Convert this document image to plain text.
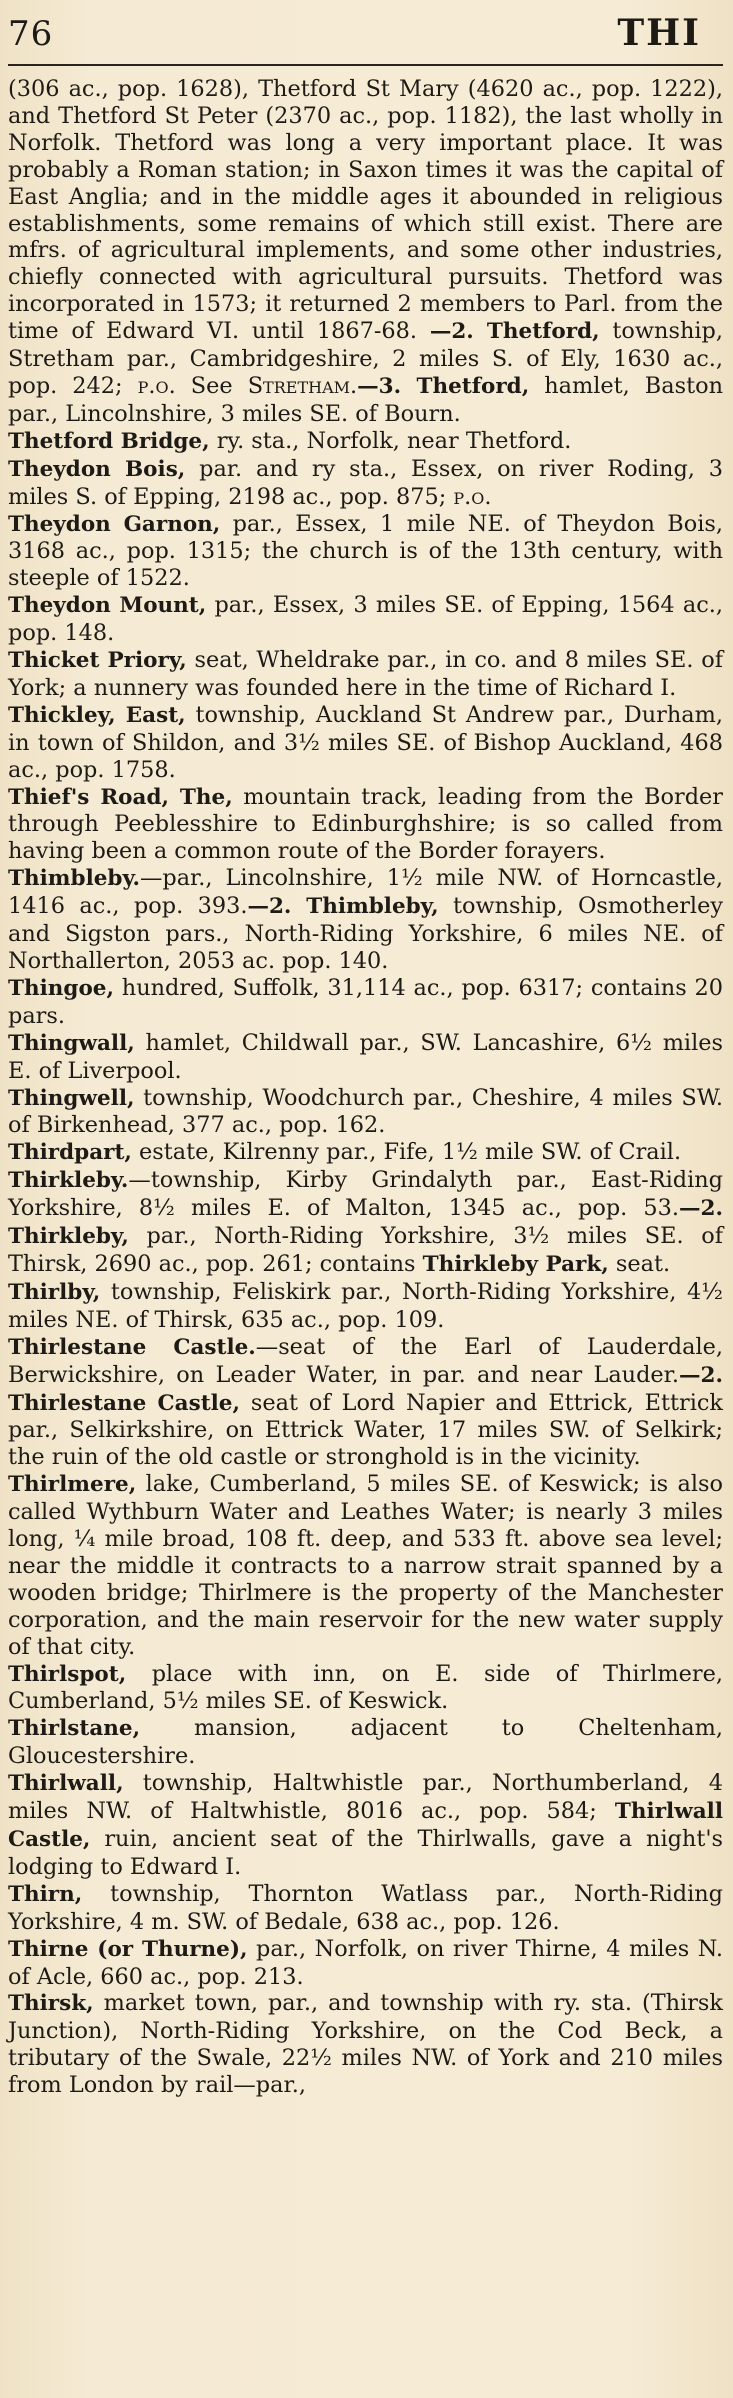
76	THI

(306 ac., pop. 1628), Thetford St Mary (4620 ac., pop. 1222), and Thetford St Peter (2370 ac., pop. 1182), the last wholly in Norfolk. Thetford was long a very important place. It was probably a Roman station; in Saxon times it was the capital of East Anglia; and in the middle ages it abounded in religious establishments, some remains of which still exist. There are mfrs. of agricultural implements, and some other industries, chiefly connected with agricultural pursuits. Thetford was incorporated in 1573; it returned 2 members to Parl. from the time of Edward VI. until 1867-68. —2. Thetford, township, Stretham par., Cambridgeshire, 2 miles S. of Ely, 1630 ac., pop. 242; p.o. See Stretham.—3. Thetford, hamlet, Baston par., Lincolnshire, 3 miles SE. of Bourn.

Thetford Bridge, ry. sta., Norfolk, near Thetford.

Theydon Bois, par. and ry sta., Essex, on river Roding, 3 miles S. of Epping, 2198 ac., pop. 875; p.o.

Theydon Garnon, par., Essex, 1 mile NE. of Theydon Bois, 3168 ac., pop. 1315; the church is of the 13th century, with steeple of 1522.

Theydon Mount, par., Essex, 3 miles SE. of Epping, 1564 ac., pop. 148.

Thicket Priory, seat, Wheldrake par., in co. and 8 miles SE. of York; a nunnery was founded here in the time of Richard I.

Thickley, East, township, Auckland St Andrew par., Durham, in town of Shildon, and 3½ miles SE. of Bishop Auckland, 468 ac., pop. 1758.

Thief's Road, The, mountain track, leading from the Border through Peeblesshire to Edinburghshire; is so called from having been a common route of the Border forayers.

Thimbleby.—par., Lincolnshire, 1½ mile NW. of Horncastle, 1416 ac., pop. 393.—2. Thimbleby, township, Osmotherley and Sigston pars., North-Riding Yorkshire, 6 miles NE. of Northallerton, 2053 ac. pop. 140.

Thingoe, hundred, Suffolk, 31,114 ac., pop. 6317; contains 20 pars.

Thingwall, hamlet, Childwall par., SW. Lancashire, 6½ miles E. of Liverpool.

Thingwell, township, Woodchurch par., Cheshire, 4 miles SW. of Birkenhead, 377 ac., pop. 162.

Thirdpart, estate, Kilrenny par., Fife, 1½ mile SW. of Crail.

Thirkleby.—township, Kirby Grindalyth par., East-Riding Yorkshire, 8½ miles E. of Malton, 1345 ac., pop. 53.—2. Thirkleby, par., North-Riding Yorkshire, 3½ miles SE. of Thirsk, 2690 ac., pop. 261; contains Thirkleby Park, seat.

Thirlby, township, Feliskirk par., North-Riding Yorkshire, 4½ miles NE. of Thirsk, 635 ac., pop. 109.

Thirlestane Castle.—seat of the Earl of Lauderdale, Berwickshire, on Leader Water, in par. and near Lauder.—2. Thirlestane Castle, seat of Lord Napier and Ettrick, Ettrick par., Selkirkshire, on Ettrick Water, 17 miles SW. of Selkirk; the ruin of the old castle or stronghold is in the vicinity.

Thirlmere, lake, Cumberland, 5 miles SE. of Keswick; is also called Wythburn Water and Leathes Water; is nearly 3 miles long, ¼ mile broad, 108 ft. deep, and 533 ft. above sea level; near the middle it contracts to a narrow strait spanned by a wooden bridge; Thirlmere is the property of the Manchester corporation, and the main reservoir for the new water supply of that city.

Thirlspot, place with inn, on E. side of Thirlmere, Cumberland, 5½ miles SE. of Keswick.

Thirlstane, mansion, adjacent to Cheltenham, Gloucestershire.

Thirlwall, township, Haltwhistle par., Northumberland, 4 miles NW. of Haltwhistle, 8016 ac., pop. 584; Thirlwall Castle, ruin, ancient seat of the Thirlwalls, gave a night's lodging to Edward I.

Thirn, township, Thornton Watlass par., North-Riding Yorkshire, 4 m. SW. of Bedale, 638 ac., pop. 126.

Thirne (or Thurne), par., Norfolk, on river Thirne, 4 miles N. of Acle, 660 ac., pop. 213.

Thirsk, market town, par., and township with ry. sta. (Thirsk Junction), North-Riding Yorkshire, on the Cod Beck, a tributary of the Swale, 22½ miles NW. of York and 210 miles from London by rail—par.,
